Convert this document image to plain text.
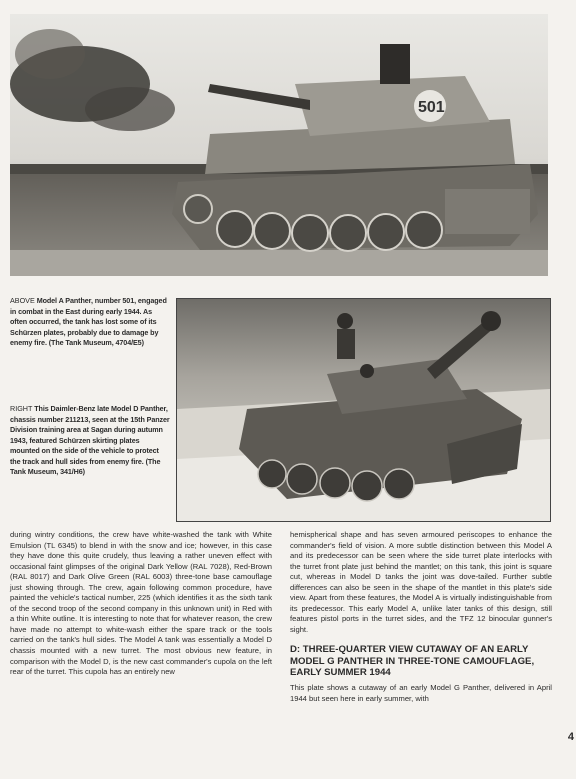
501
ABOVE Model A Panther, number 501, engaged in combat in the East during early 1944. As often occurred, the tank has lost some of its Schürzen plates, probably due to damage by enemy fire. (The Tank Museum, 4704/E5)
RIGHT This Daimler-Benz late Model D Panther, chassis number 211213, seen at the 15th Panzer Division training area at Sagan during autumn 1943, featured Schürzen skirting plates mounted on the side of the vehicle to protect the track and hull sides from enemy fire. (The Tank Museum, 341/H6)

during wintry conditions, the crew have white-washed the tank with White Emulsion (TL 6345) to blend in with the snow and ice; however, in this case they have done this quite crudely, thus leaving a rather uneven effect with occasional faint glimpses of the original Dark Yellow (RAL 7028), Red-Brown (RAL 8017) and Dark Olive Green (RAL 6003) three-tone base camouflage just showing through. The crew, again following common procedure, have painted the vehicle's tactical number, 225 (which identifies it as the sixth tank of the second troop of the second company in this unknown unit) in Red with a thin White outline. It is interesting to note that for whatever reason, the crew have made no attempt to white-wash either the spare track or the tools carried on the tank's hull sides. The Model A tank was essentially a Model D chassis mounted with a new turret. The most obvious new feature, in comparison with the Model D, is the new cast commander's cupola on the left rear of the turret. This cupola has an entirely new

hemispherical shape and has seven armoured periscopes to enhance the commander's field of vision. A more subtle distinction between this Model A and its predecessor can be seen where the side turret plate interlocks with the turret front plate just behind the mantlet; on this tank, this joint is square cut, whereas in Model D tanks the joint was dove-tailed. Further subtle differences can also be seen in the shape of the mantlet in this plate's side view. Apart from these features, the Model A is virtually indistinguishable from its predecessor. This early Model A, unlike later tanks of this design, still features pistol ports in the turret sides, and the TFZ 12 binocular gunner's sight.

D: THREE-QUARTER VIEW CUTAWAY OF AN EARLY MODEL G PANTHER IN THREE-TONE CAMOUFLAGE, EARLY SUMMER 1944

This plate shows a cutaway of an early Model G Panther, delivered in April 1944 but seen here in early summer, with

4
